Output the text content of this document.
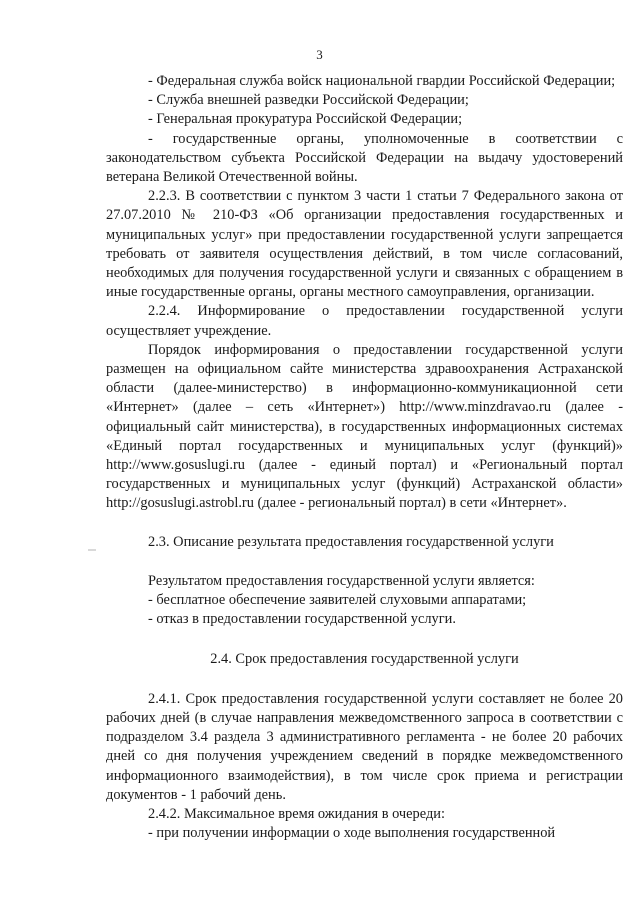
3

- Федеральная служба войск национальной гвардии Российской Федерации;

- Служба внешней разведки Российской Федерации;

- Генеральная прокуратура Российской Федерации;

- государственные органы, уполномоченные в соответствии с законодательством субъекта Российской Федерации на выдачу удостоверений ветерана Великой Отечественной войны.

2.2.3. В соответствии с пунктом 3 части 1 статьи 7 Федерального закона от 27.07.2010 № 210-ФЗ «Об организации предоставления государственных и муниципальных услуг» при предоставлении государственной услуги запрещается требовать от заявителя осуществления действий, в том числе согласований, необходимых для получения государственной услуги и связанных с обращением в иные государственные органы, органы местного самоуправления, организации.

2.2.4. Информирование о предоставлении государственной услуги осуществляет учреждение.

Порядок информирования о предоставлении государственной услуги размещен на официальном сайте министерства здравоохранения Астраханской области (далее-министерство) в информационно-коммуникационной сети «Интернет» (далее – сеть «Интернет») http://www.minzdravao.ru (далее - официальный сайт министерства), в государственных информационных системах «Единый портал государственных и муниципальных услуг (функций)» http://www.gosuslugi.ru (далее - единый портал) и «Региональный портал государственных и муниципальных услуг (функций) Астраханской области» http://gosuslugi.astrobl.ru (далее - региональный портал) в сети «Интернет».

2.3. Описание результата предоставления государственной услуги

Результатом предоставления государственной услуги является:

- бесплатное обеспечение заявителей слуховыми аппаратами;

- отказ в предоставлении государственной услуги.

2.4. Срок предоставления государственной услуги

2.4.1. Срок предоставления государственной услуги составляет не более 20 рабочих дней (в случае направления межведомственного запроса в соответствии с подразделом 3.4 раздела 3 административного регламента - не более 20 рабочих дней со дня получения учреждением сведений в порядке межведомственного информационного взаимодействия), в том числе срок приема и регистрации документов - 1 рабочий день.

2.4.2. Максимальное время ожидания в очереди:

- при получении информации о ходе выполнения государственной
